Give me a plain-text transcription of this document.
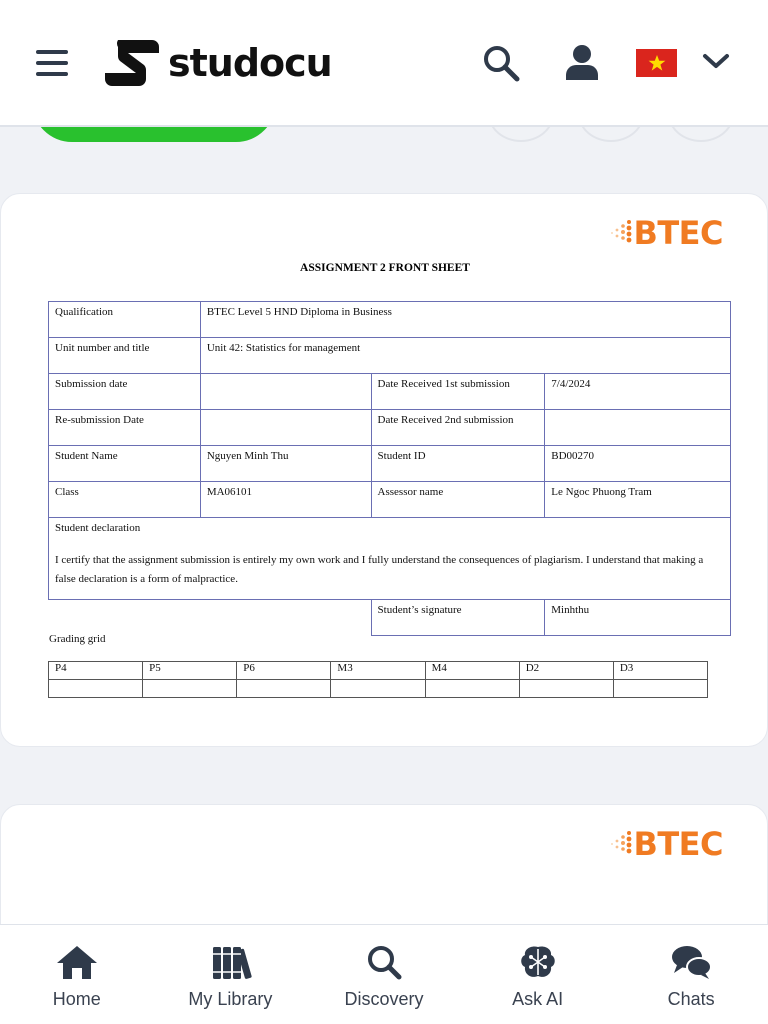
studocu
BTEC
ASSIGNMENT 2 FRONT SHEET
Qualification	BTEC Level 5 HND Diploma in Business		
Unit number and title	Unit 42: Statistics for management		
Submission date		Date Received 1st submission	7/4/2024
Re-submission Date		Date Received 2nd submission	
Student Name	Nguyen Minh Thu	Student ID	BD00270
Class	MA06101	Assessor name	Le Ngoc Phuong Tram

Student declaration
I certify that the assignment submission is entirely my own work and I fully understand the consequences of plagiarism. I understand that making a false declaration is a form of malpractice.			

		Student’s signature	Minhthu
Grading grid
P4	P5	P6	M3	M4	D2	D3

BTEC
Home	My Library	Discovery	Ask AI	Chats
